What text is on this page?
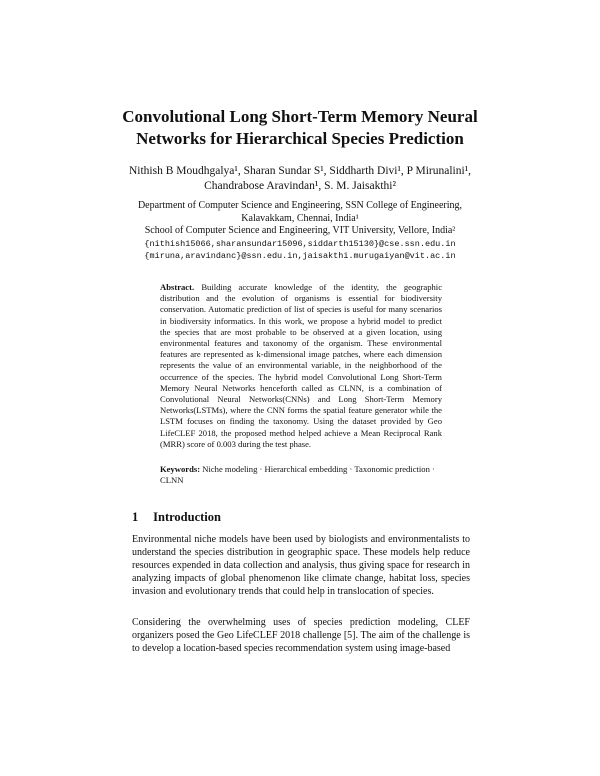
Convolutional Long Short-Term Memory Neural
Networks for Hierarchical Species Prediction
Nithish B Moudhgalya¹, Sharan Sundar S¹, Siddharth Divi¹, P Mirunalini¹,
Chandrabose Aravindan¹, S. M. Jaisakthi²
Department of Computer Science and Engineering, SSN College of Engineering,
Kalavakkam, Chennai, India¹
School of Computer Science and Engineering, VIT University, Vellore, India²
{nithish15066,sharansundar15096,siddarth15130}@cse.ssn.edu.in
{miruna,aravindanc}@ssn.edu.in,jaisakthi.murugaiyan@vit.ac.in
Abstract. Building accurate knowledge of the identity, the geographic distribution and the evolution of organisms is essential for biodiversity conservation. Automatic prediction of list of species is useful for many scenarios in biodiversity informatics. In this work, we propose a hybrid model to predict the species that are most probable to be observed at a given location, using environmental features and taxonomy of the organism. These environmental features are represented as k-dimensional image patches, where each dimension represents the value of an environmental variable, in the neighborhood of the occurrence of the species. The hybrid model Convolutional Long Short-Term Memory Neural Networks henceforth called as CLNN, is a combination of Convolutional Neural Networks(CNNs) and Long Short-Term Memory Networks(LSTMs), where the CNN forms the spatial feature generator while the LSTM focuses on finding the taxonomy. Using the dataset provided by Geo LifeCLEF 2018, the proposed method helped achieve a Mean Reciprocal Rank (MRR) score of 0.003 during the test phase.
Keywords: Niche modeling · Hierarchical embedding · Taxonomic prediction · CLNN
1 Introduction
Environmental niche models have been used by biologists and environmentalists to understand the species distribution in geographic space. These models help reduce resources expended in data collection and analysis, thus giving space for research in analyzing impacts of global phenomenon like climate change, habitat loss, species invasion and evolutionary trends that could help in translocation of species.
Considering the overwhelming uses of species prediction modeling, CLEF organizers posed the Geo LifeCLEF 2018 challenge [5]. The aim of the challenge is to develop a location-based species recommendation system using image-based
